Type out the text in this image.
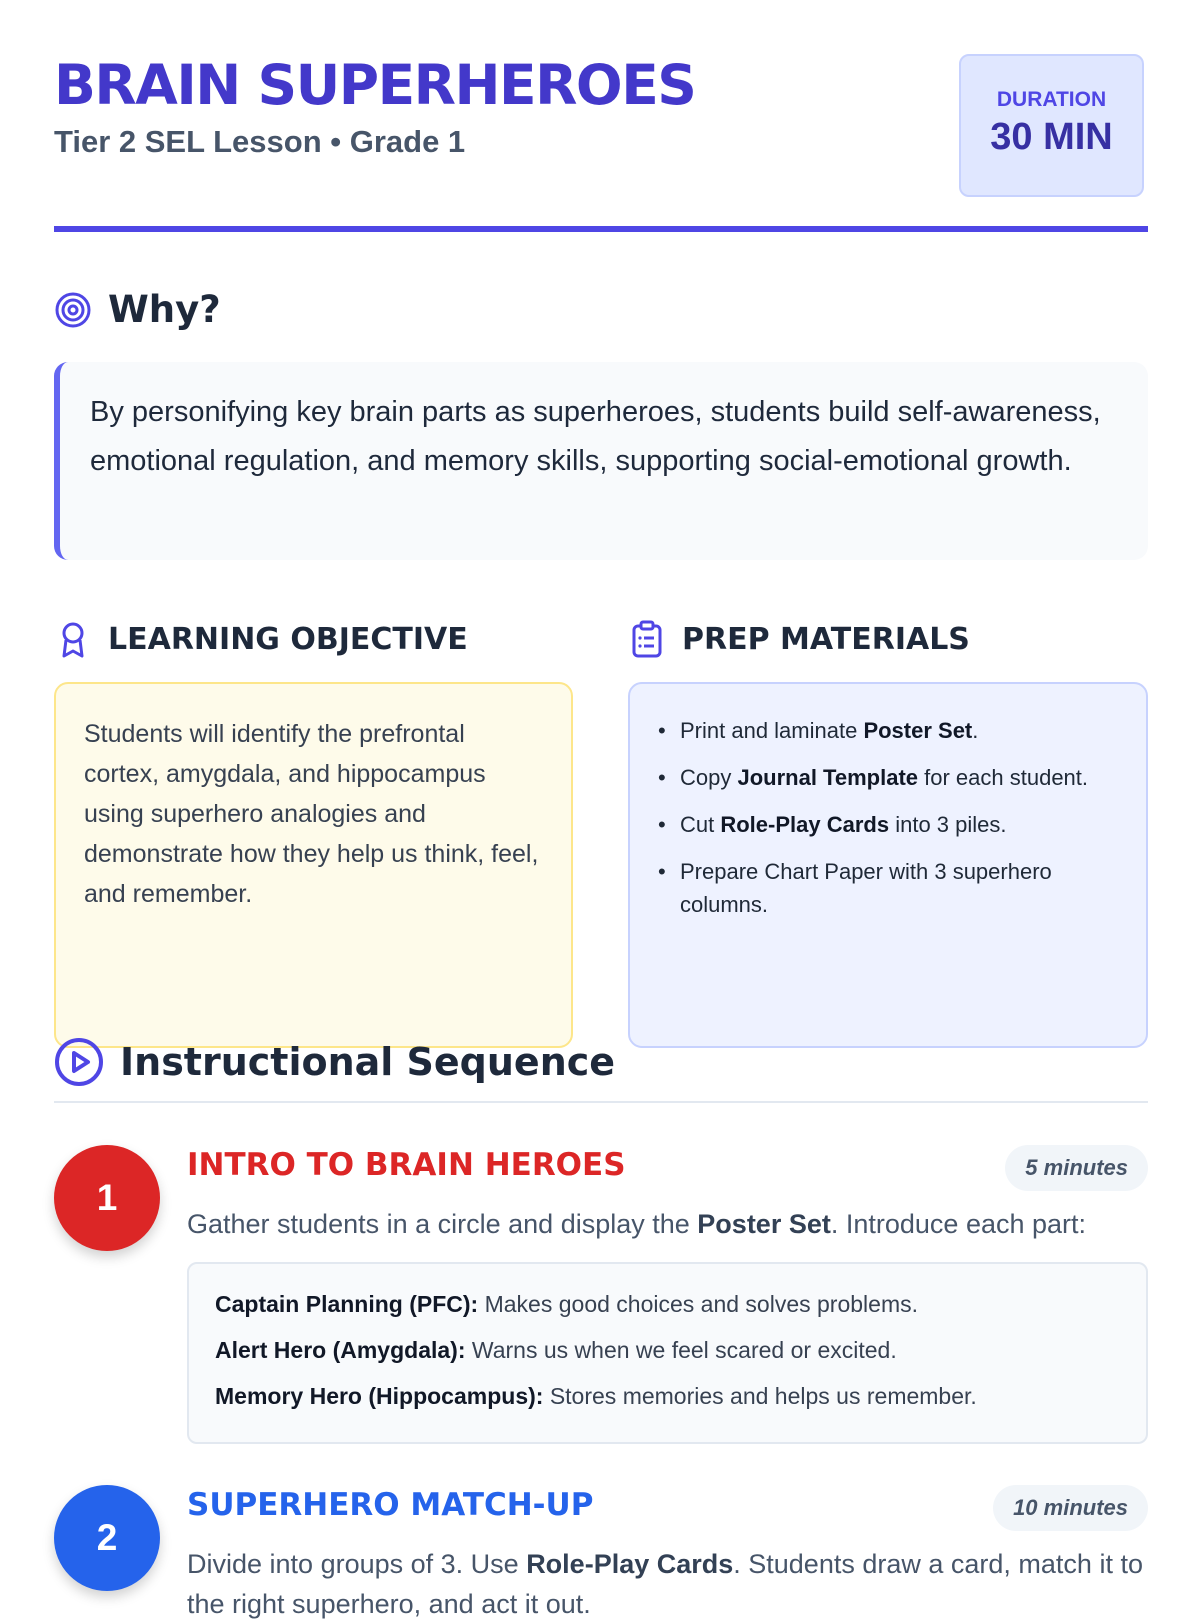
BRAIN SUPERHEROES
Tier 2 SEL Lesson • Grade 1
DURATION
30 MIN
Why?
By personifying key brain parts as superheroes, students build self-awareness, emotional regulation, and memory skills, supporting social-emotional growth.
LEARNING OBJECTIVE
Students will identify the prefrontal cortex, amygdala, and hippocampus using superhero analogies and demonstrate how they help us think, feel, and remember.
PREP MATERIALS
• Print and laminate Poster Set.
• Copy Journal Template for each student.
• Cut Role-Play Cards into 3 piles.
• Prepare Chart Paper with 3 superhero columns.
Instructional Sequence
1
INTRO TO BRAIN HEROES	5 minutes
Gather students in a circle and display the Poster Set. Introduce each part:
Captain Planning (PFC): Makes good choices and solves problems.
Alert Hero (Amygdala): Warns us when we feel scared or excited.
Memory Hero (Hippocampus): Stores memories and helps us remember.
2
SUPERHERO MATCH-UP	10 minutes
Divide into groups of 3. Use Role-Play Cards. Students draw a card, match it to the right superhero, and act it out.
